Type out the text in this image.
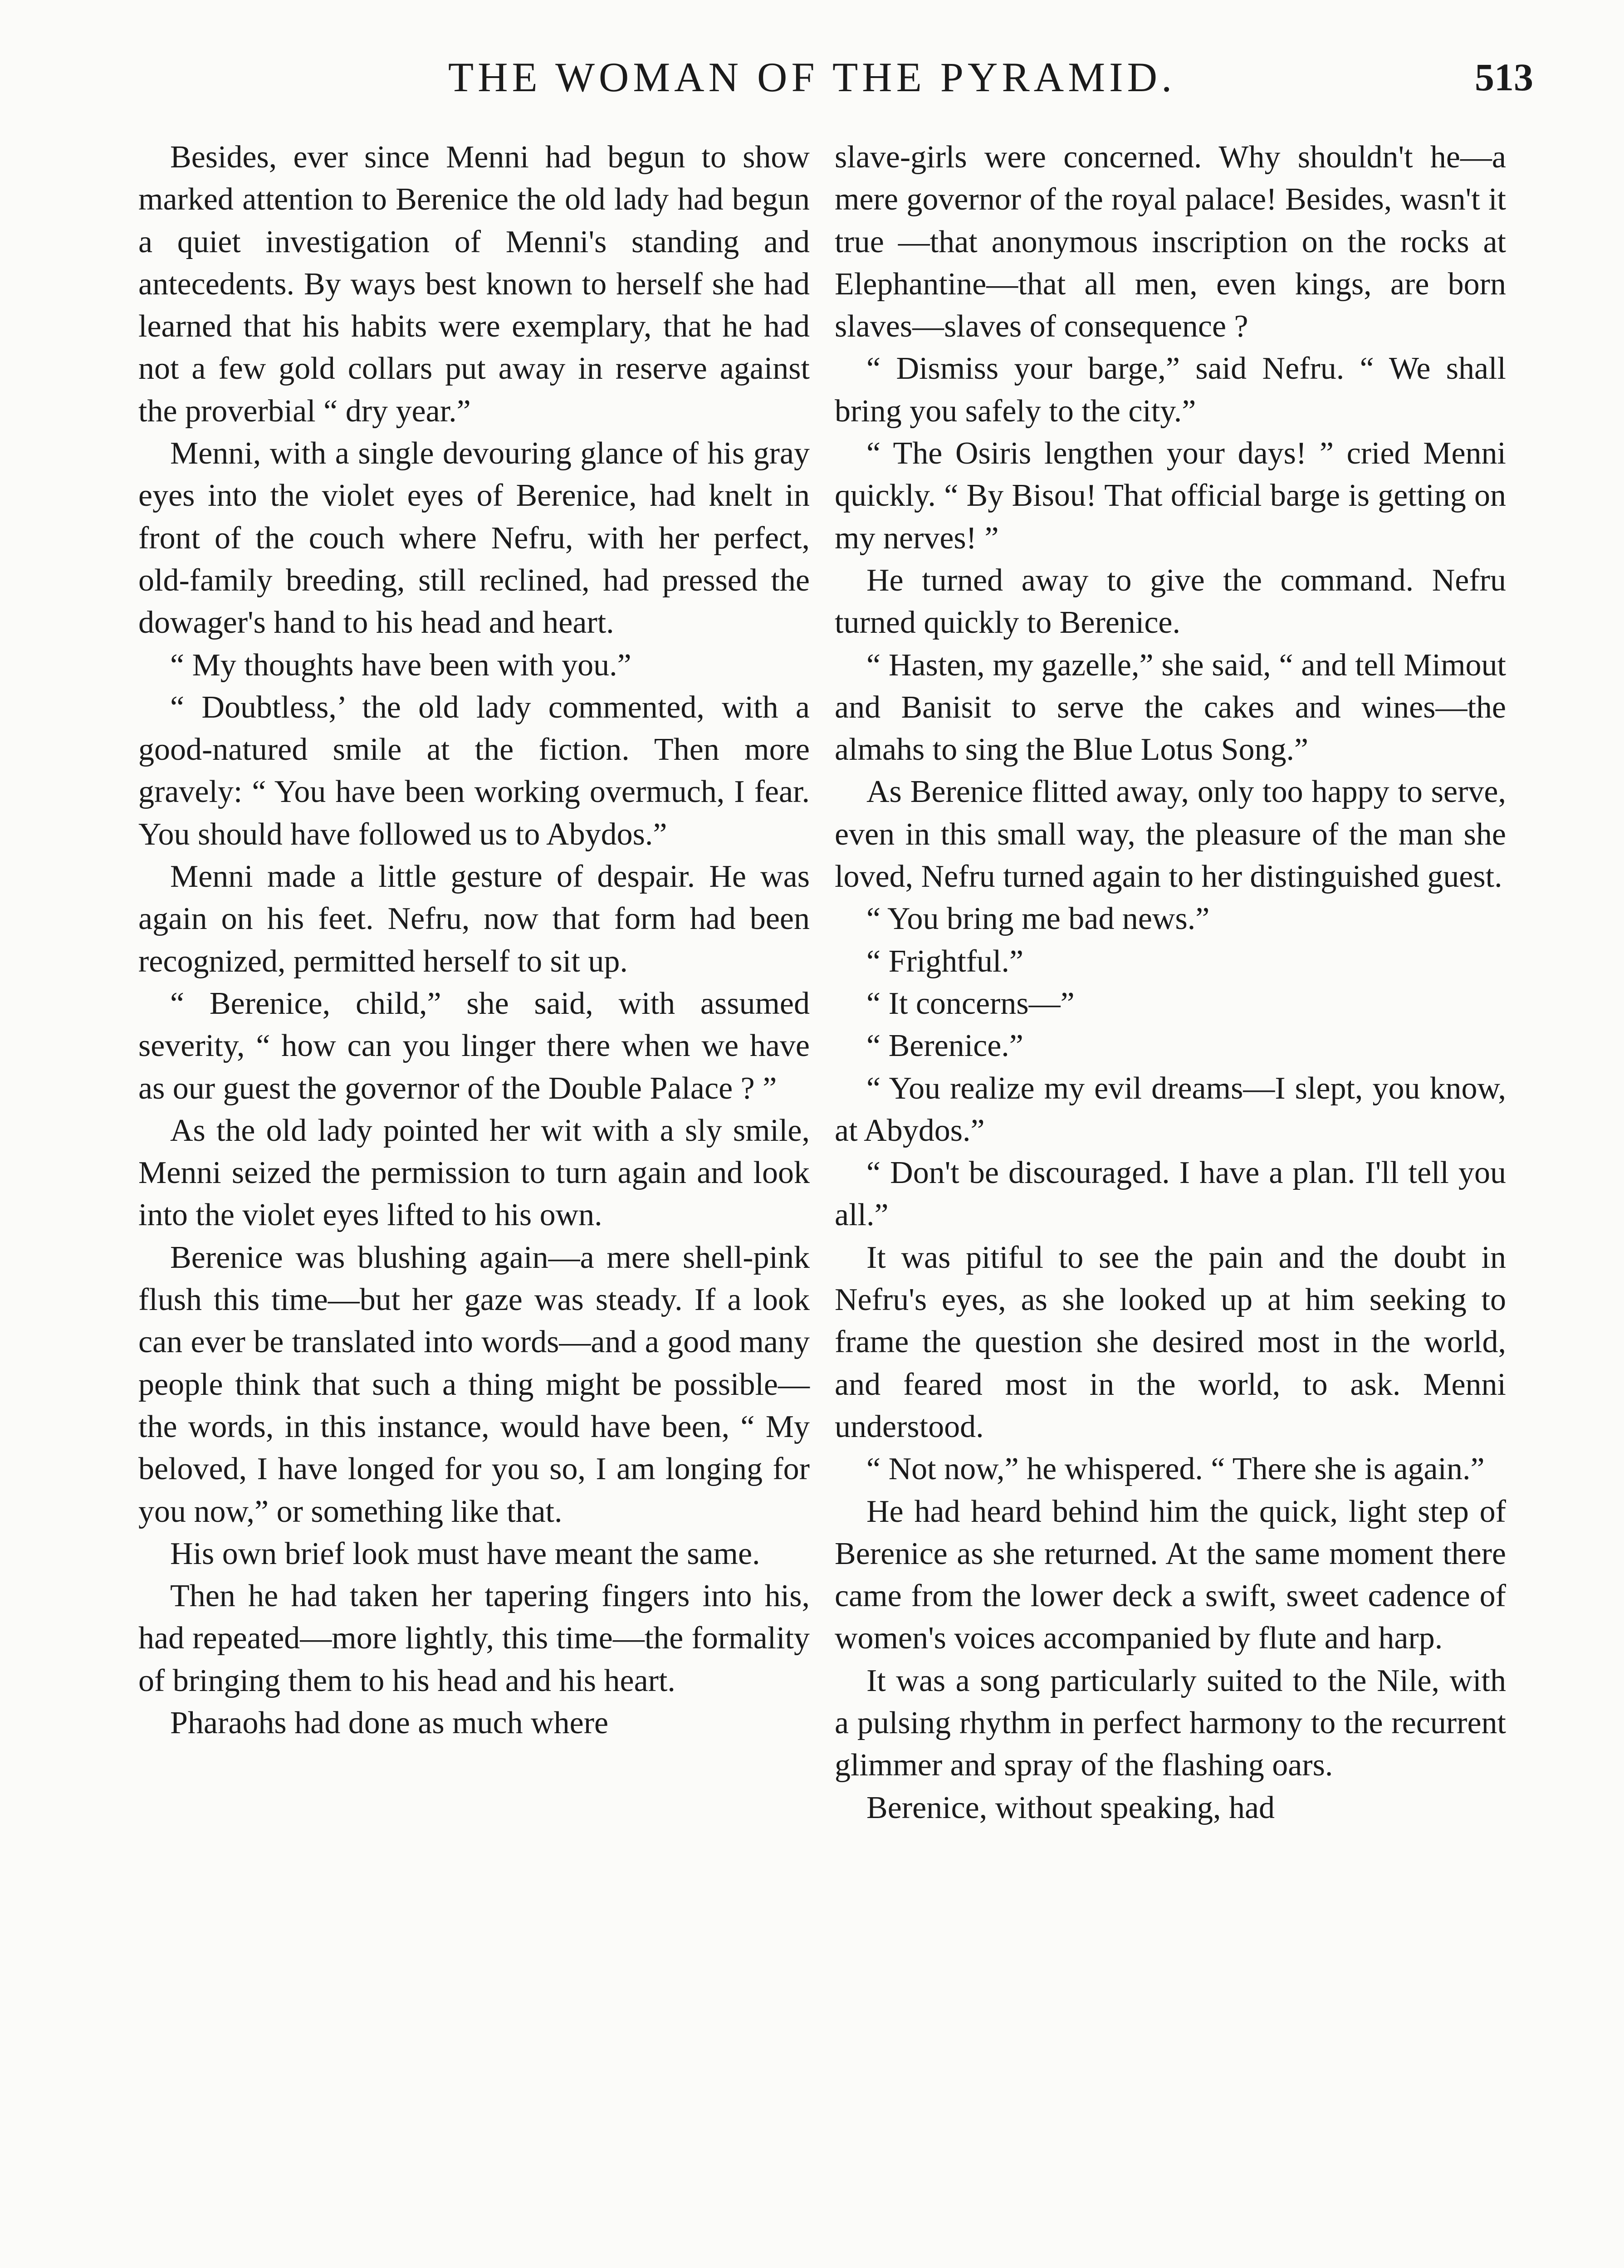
THE WOMAN OF THE PYRAMID.	513

Besides, ever since Menni had begun to show marked attention to Berenice the old lady had begun a quiet investigation of Menni's standing and antecedents. By ways best known to herself she had learned that his habits were exemplary, that he had not a few gold collars put away in reserve against the proverbial “ dry year.”

Menni, with a single devouring glance of his gray eyes into the violet eyes of Berenice, had knelt in front of the couch where Nefru, with her perfect, old-family breeding, still reclined, had pressed the dowager's hand to his head and heart.

“ My thoughts have been with you.”

“ Doubtless,’ the old lady commented, with a good-natured smile at the fiction. Then more gravely: “ You have been working overmuch, I fear. You should have followed us to Abydos.”

Menni made a little gesture of despair. He was again on his feet. Nefru, now that form had been recognized, permitted herself to sit up.

“ Berenice, child,” she said, with assumed severity, “ how can you linger there when we have as our guest the governor of the Double Palace ? ”

As the old lady pointed her wit with a sly smile, Menni seized the permission to turn again and look into the violet eyes lifted to his own.

Berenice was blushing again—a mere shell-pink flush this time—but her gaze was steady. If a look can ever be translated into words—and a good many people think that such a thing might be possible—the words, in this instance, would have been, “ My beloved, I have longed for you so, I am longing for you now,” or something like that.

His own brief look must have meant the same.

Then he had taken her tapering fingers into his, had repeated—more lightly, this time—the formality of bringing them to his head and his heart.

Pharaohs had done as much where

slave-girls were concerned. Why shouldn't he—a mere governor of the royal palace! Besides, wasn't it true —that anonymous inscription on the rocks at Elephantine—that all men, even kings, are born slaves—slaves of consequence ?

“ Dismiss your barge,” said Nefru. “ We shall bring you safely to the city.”

“ The Osiris lengthen your days! ” cried Menni quickly. “ By Bisou! That official barge is getting on my nerves! ”

He turned away to give the command. Nefru turned quickly to Berenice.

“ Hasten, my gazelle,” she said, “ and tell Mimout and Banisit to serve the cakes and wines—the almahs to sing the Blue Lotus Song.”

As Berenice flitted away, only too happy to serve, even in this small way, the pleasure of the man she loved, Nefru turned again to her distinguished guest.

“ You bring me bad news.”

“ Frightful.”

“ It concerns—”

“ Berenice.”

“ You realize my evil dreams—I slept, you know, at Abydos.”

“ Don't be discouraged. I have a plan. I'll tell you all.”

It was pitiful to see the pain and the doubt in Nefru's eyes, as she looked up at him seeking to frame the question she desired most in the world, and feared most in the world, to ask. Menni understood.

“ Not now,” he whispered. “ There she is again.”

He had heard behind him the quick, light step of Berenice as she returned. At the same moment there came from the lower deck a swift, sweet cadence of women's voices accompanied by flute and harp.

It was a song particularly suited to the Nile, with a pulsing rhythm in perfect harmony to the recurrent glimmer and spray of the flashing oars.

Berenice, without speaking, had
